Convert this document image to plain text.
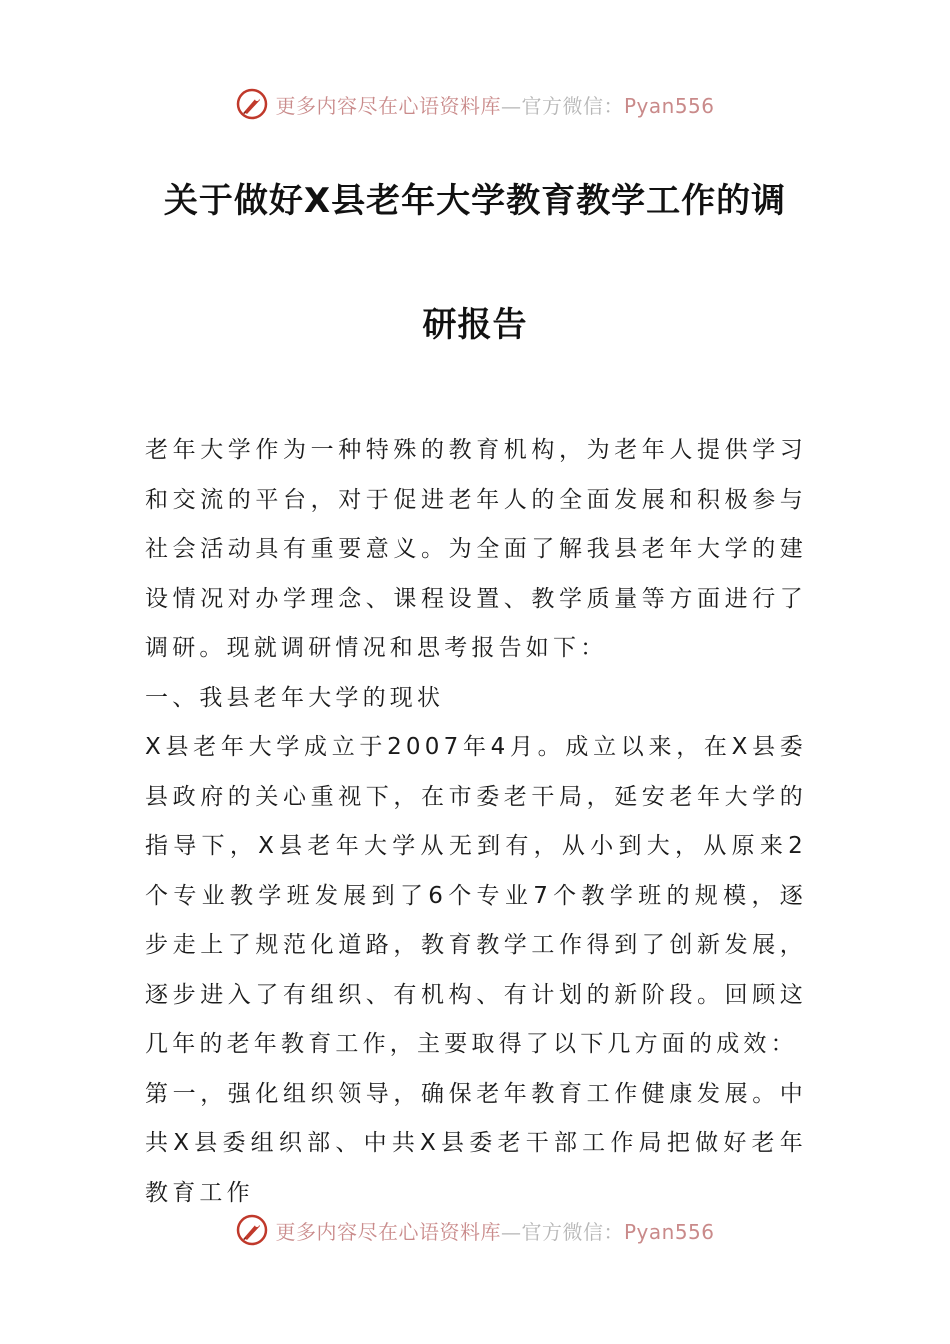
更多内容尽在心语资料库—官方微信：Pyan556
关于做好X县老年大学教育教学工作的调
研报告

老年大学作为一种特殊的教育机构，为老年人提供学习和交流的平台，对于促进老年人的全面发展和积极参与社会活动具有重要意义。为全面了解我县老年大学的建设情况对办学理念、课程设置、教学质量等方面进行了调研。现就调研情况和思考报告如下：

一、我县老年大学的现状

X县老年大学成立于2007年4月。成立以来，在X县委县政府的关心重视下，在市委老干局，延安老年大学的指导下，X县老年大学从无到有，从小到大，从原来2个专业教学班发展到了6个专业7个教学班的规模，逐步走上了规范化道路，教育教学工作得到了创新发展，逐步进入了有组织、有机构、有计划的新阶段。回顾这几年的老年教育工作，主要取得了以下几方面的成效：

第一，强化组织领导，确保老年教育工作健康发展。中共X县委组织部、中共X县委老干部工作局把做好老年教育工作

更多内容尽在心语资料库—官方微信：Pyan556
